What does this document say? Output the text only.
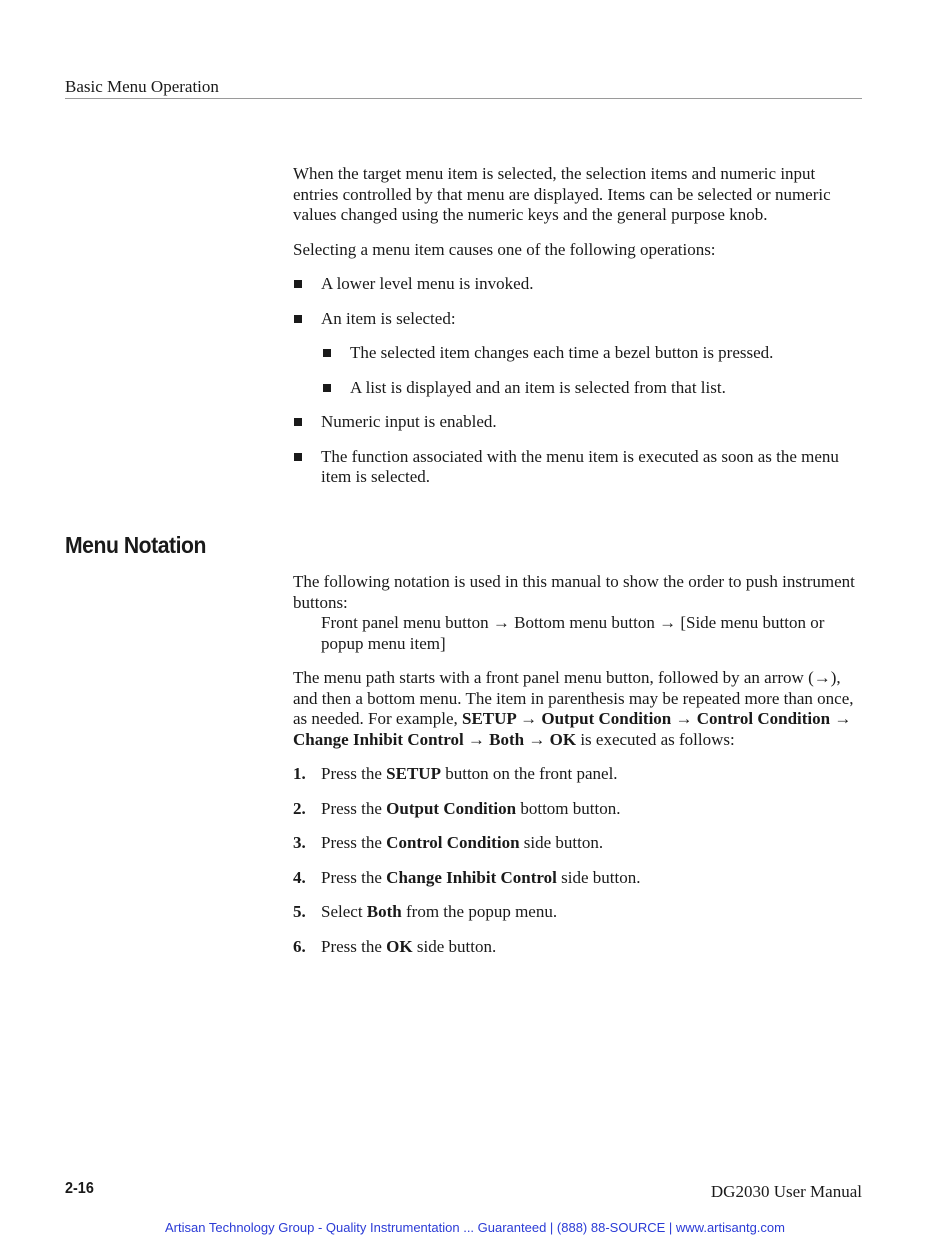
Basic Menu Operation

When the target menu item is selected, the selection items and numeric input entries controlled by that menu are displayed. Items can be selected or numeric values changed using the numeric keys and the general purpose knob.

Selecting a menu item causes one of the following operations:

A lower level menu is invoked.
An item is selected:
The selected item changes each time a bezel button is pressed.
A list is displayed and an item is selected from that list.
Numeric input is enabled.
The function associated with the menu item is executed as soon as the menu item is selected.
Menu Notation

The following notation is used in this manual to show the order to push instrument buttons:

Front panel menu button → Bottom menu button → [Side menu button or popup menu item]

The menu path starts with a front panel menu button, followed by an arrow (→), and then a bottom menu. The item in parenthesis may be repeated more than once, as needed. For example, SETUP → Output Condition → Control Condition → Change Inhibit Control → Both → OK is executed as follows:

1. Press the SETUP button on the front panel.
2. Press the Output Condition bottom button.
3. Press the Control Condition side button.
4. Press the Change Inhibit Control side button.
5. Select Both from the popup menu.
6. Press the OK side button.
2-16	DG2030 User Manual
Artisan Technology Group - Quality Instrumentation ... Guaranteed | (888) 88-SOURCE | www.artisantg.com
